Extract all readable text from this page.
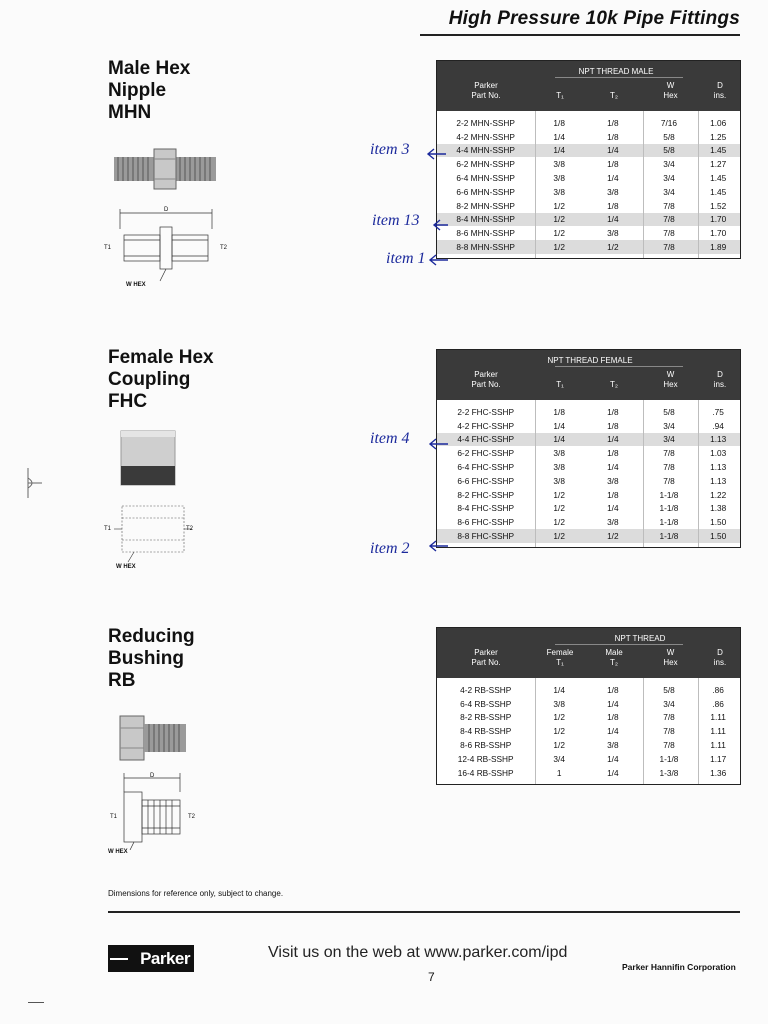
High Pressure 10k Pipe Fittings
Male Hex
Nipple
MHN
D
T1	T2
W HEX
NPT THREAD MALE
Parker
Part No.	T₁	T₂
W
Hex
D
ins.
2-2 MHN-SSHP	1/8	1/8	7/16	1.06
4-2 MHN-SSHP	1/4	1/8	5/8	1.25
4-4 MHN-SSHP	1/4	1/4	5/8	1.45
6-2 MHN-SSHP	3/8	1/8	3/4	1.27
6-4 MHN-SSHP	3/8	1/4	3/4	1.45
6-6 MHN-SSHP	3/8	3/8	3/4	1.45
8-2 MHN-SSHP	1/2	1/8	7/8	1.52
8-4 MHN-SSHP	1/2	1/4	7/8	1.70
8-6 MHN-SSHP	1/2	3/8	7/8	1.70
8-8 MHN-SSHP	1/2	1/2	7/8	1.89
Female Hex
Coupling
FHC
T1	T2
W HEX
NPT THREAD FEMALE
Parker
Part No.	T₁	T₂
W
Hex
D
ins.
2-2 FHC-SSHP	1/8	1/8	5/8	.75
4-2 FHC-SSHP	1/4	1/8	3/4	.94
4-4 FHC-SSHP	1/4	1/4	3/4	1.13
6-2 FHC-SSHP	3/8	1/8	7/8	1.03
6-4 FHC-SSHP	3/8	1/4	7/8	1.13
6-6 FHC-SSHP	3/8	3/8	7/8	1.13
8-2 FHC-SSHP	1/2	1/8	1-1/8	1.22
8-4 FHC-SSHP	1/2	1/4	1-1/8	1.38
8-6 FHC-SSHP	1/2	3/8	1-1/8	1.50
8-8 FHC-SSHP	1/2	1/2	1-1/8	1.50
Reducing
Bushing
RB
D
T1	T2
W HEX
NPT THREAD
Parker
Part No.
Female
T₁
Male
T₂
W
Hex
D
ins.
4-2 RB-SSHP	1/4	1/8	5/8	.86
6-4 RB-SSHP	3/8	1/4	3/4	.86
8-2 RB-SSHP	1/2	1/8	7/8	1.11
8-4 RB-SSHP	1/2	1/4	7/8	1.11
8-6 RB-SSHP	1/2	3/8	7/8	1.11
12-4 RB-SSHP	3/4	1/4	1-1/8	1.17
16-4 RB-SSHP	1	1/4	1-3/8	1.36
item 3
item 13
item 1
item 4
item 2
Dimensions for reference only, subject to change.
Parker	Visit us on the web at www.parker.com/ipd
7
Parker Hannifin Corporation
